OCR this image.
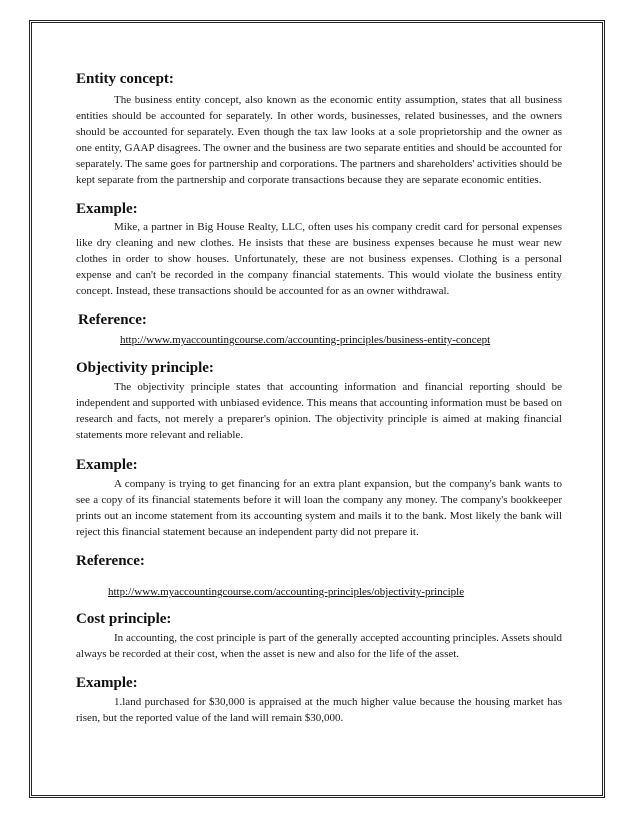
Entity concept:

The business entity concept, also known as the economic entity assumption, states that all business entities should be accounted for separately. In other words, businesses, related businesses, and the owners should be accounted for separately. Even though the tax law looks at a sole proprietorship and the owner as one entity, GAAP disagrees. The owner and the business are two separate entities and should be accounted for separately. The same goes for partnership and corporations. The partners and shareholders' activities should be kept separate from the partnership and corporate transactions because they are separate economic entities.

Example:

Mike, a partner in Big House Realty, LLC, often uses his company credit card for personal expenses like dry cleaning and new clothes. He insists that these are business expenses because he must wear new clothes in order to show houses. Unfortunately, these are not business expenses. Clothing is a personal expense and can't be recorded in the company financial statements. This would violate the business entity concept. Instead, these transactions should be accounted for as an owner withdrawal.

Reference:
http://www.myaccountingcourse.com/accounting-principles/business-entity-concept
Objectivity principle:

The objectivity principle states that accounting information and financial reporting should be independent and supported with unbiased evidence. This means that accounting information must be based on research and facts, not merely a preparer's opinion. The objectivity principle is aimed at making financial statements more relevant and reliable.

Example:

A company is trying to get financing for an extra plant expansion, but the company's bank wants to see a copy of its financial statements before it will loan the company any money. The company's bookkeeper prints out an income statement from its accounting system and mails it to the bank. Most likely the bank will reject this financial statement because an independent party did not prepare it.

Reference:
http://www.myaccountingcourse.com/accounting-principles/objectivity-principle
Cost principle:

In accounting, the cost principle is part of the generally accepted accounting principles. Assets should always be recorded at their cost, when the asset is new and also for the life of the asset.

Example:

1.land purchased for $30,000 is appraised at the much higher value because the housing market has risen, but the reported value of the land will remain $30,000.
